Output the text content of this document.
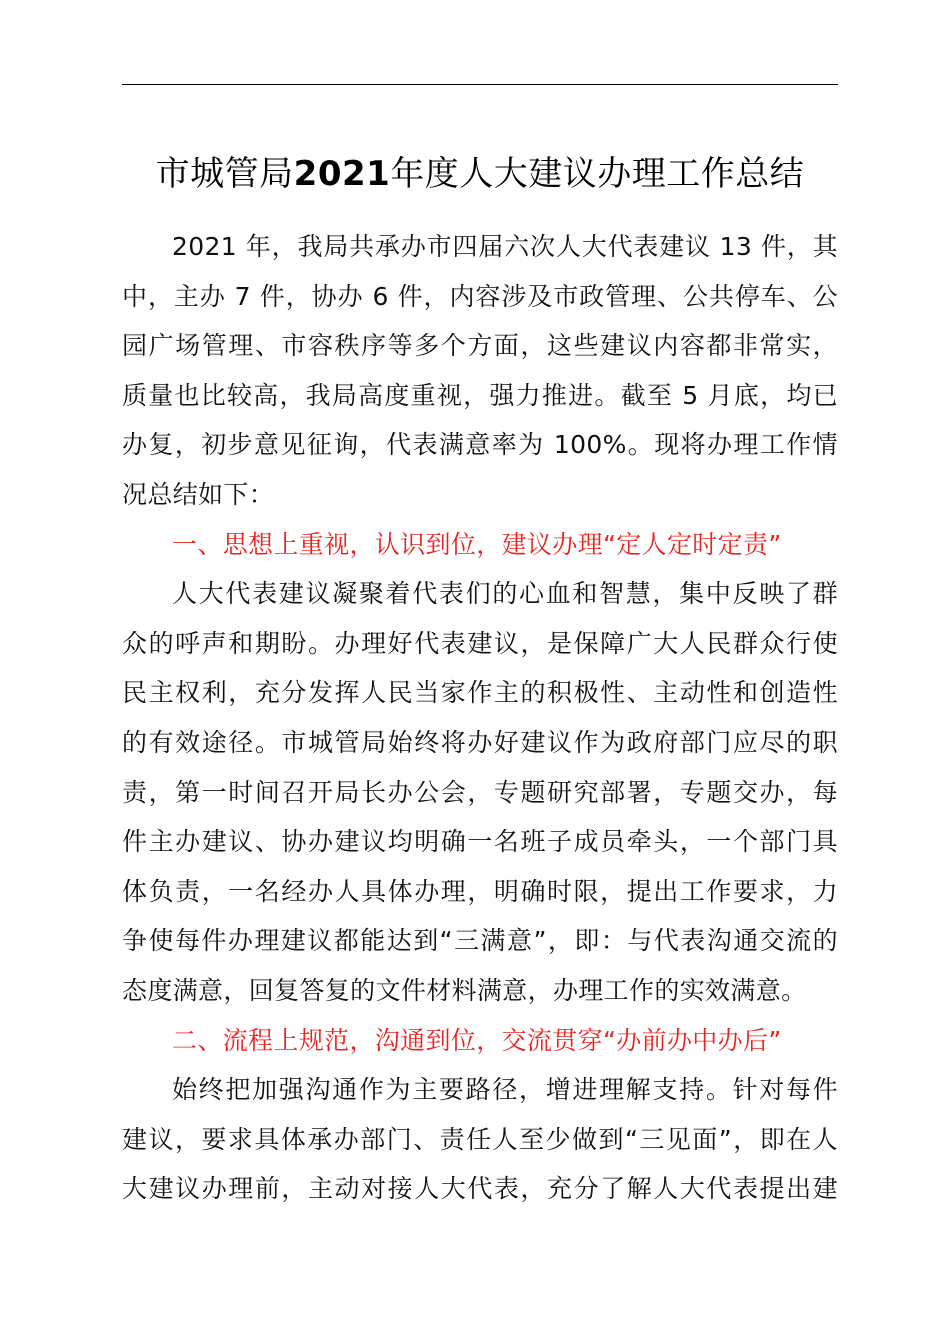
市城管局2021年度人大建议办理工作总结
2021 年，我局共承办市四届六次人大代表建议 13 件，其
中，主办 7 件，协办 6 件，内容涉及市政管理、公共停车、公
园广场管理、市容秩序等多个方面，这些建议内容都非常实，
质量也比较高，我局高度重视，强力推进。截至 5 月底，均已
办复，初步意见征询，代表满意率为 100%。现将办理工作情
况总结如下：
一、思想上重视，认识到位，建议办理“定人定时定责”
人大代表建议凝聚着代表们的心血和智慧，集中反映了群
众的呼声和期盼。办理好代表建议，是保障广大人民群众行使
民主权利，充分发挥人民当家作主的积极性、主动性和创造性
的有效途径。市城管局始终将办好建议作为政府部门应尽的职
责，第一时间召开局长办公会，专题研究部署，专题交办，每
件主办建议、协办建议均明确一名班子成员牵头，一个部门具
体负责，一名经办人具体办理，明确时限，提出工作要求，力
争使每件办理建议都能达到“三满意”，即：与代表沟通交流的
态度满意，回复答复的文件材料满意，办理工作的实效满意。
二、流程上规范，沟通到位，交流贯穿“办前办中办后”
始终把加强沟通作为主要路径，增进理解支持。针对每件
建议，要求具体承办部门、责任人至少做到“三见面”，即在人
大建议办理前，主动对接人大代表，充分了解人大代表提出建
